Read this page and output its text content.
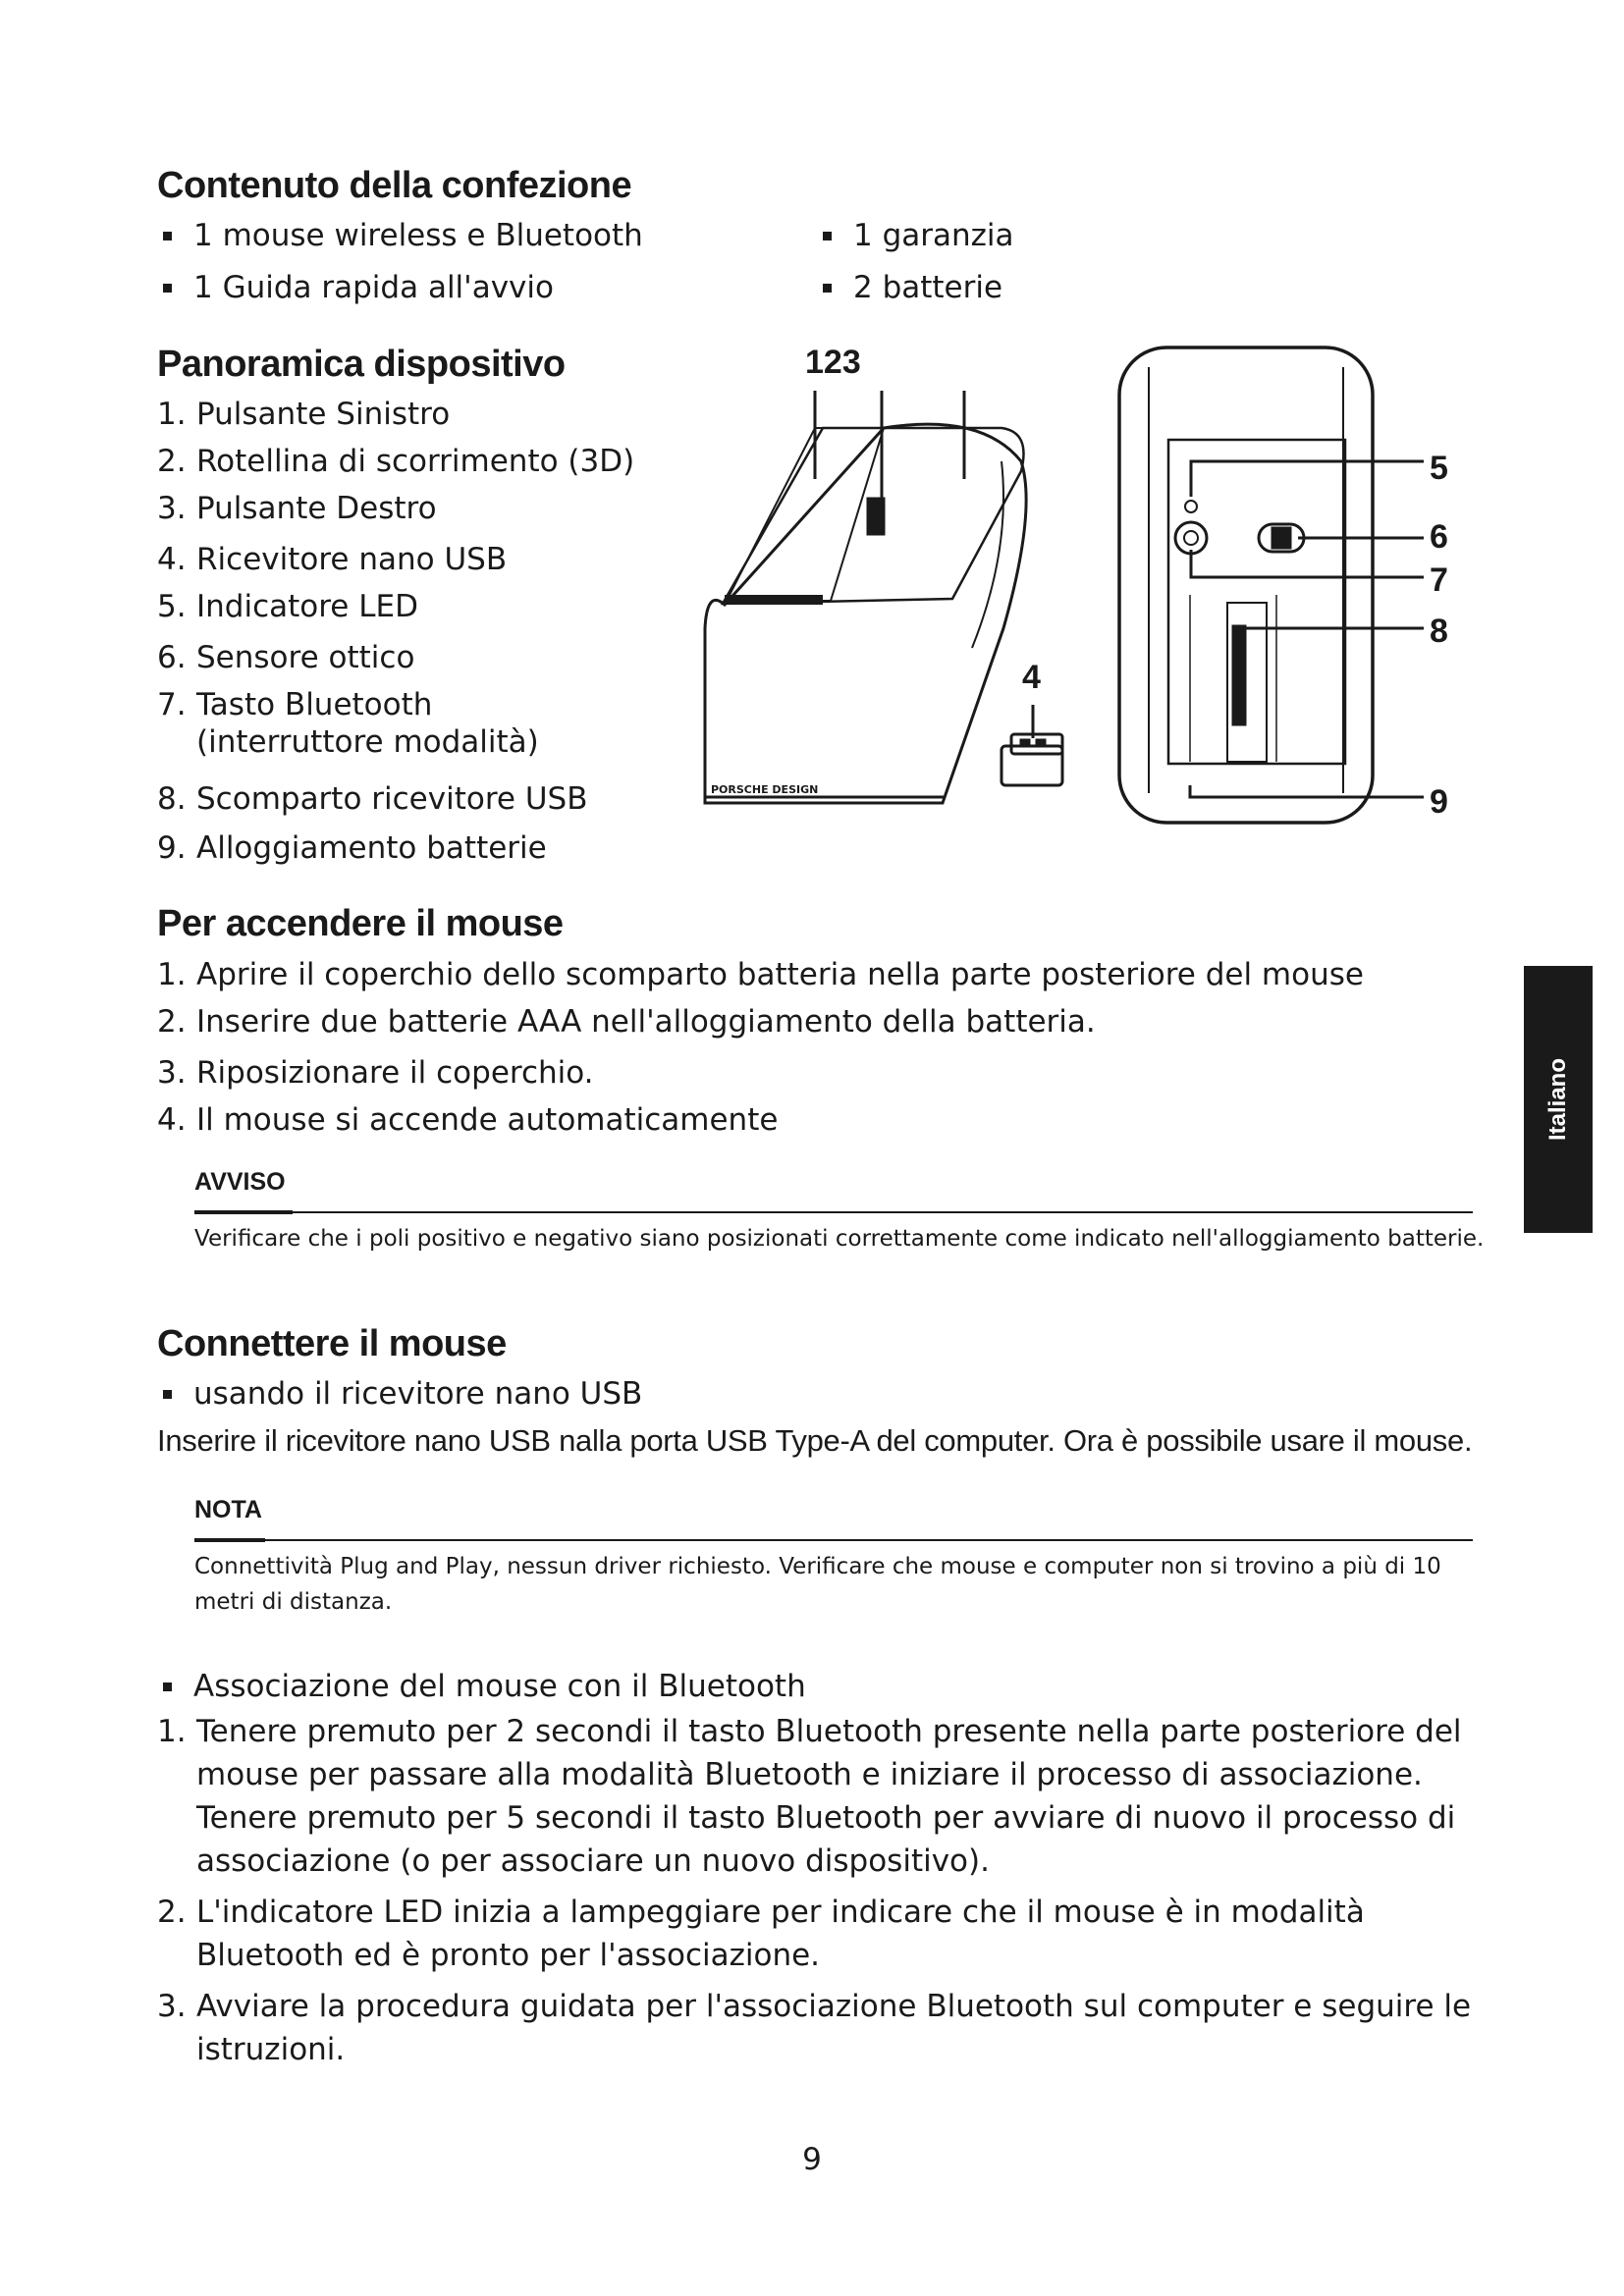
Contenuto della confezione
1 mouse wireless e Bluetooth
1 Guida rapida all'avvio
1 garanzia
2 batterie
Panoramica dispositivo
1. Pulsante Sinistro
2. Rotellina di scorrimento (3D)
3. Pulsante Destro
4. Ricevitore nano USB
5. Indicatore LED
6. Sensore ottico
7. Tasto Bluetooth
(interruttore modalità)
8. Scomparto ricevitore USB
9. Alloggiamento batterie
123
4
5
6
7
8
9
PORSCHE DESIGN
Per accendere il mouse
1. Aprire il coperchio dello scomparto batteria nella parte posteriore del mouse
2. Inserire due batterie AAA nell'alloggiamento della batteria.
3. Riposizionare il coperchio.
4. Il mouse si accende automaticamente
AVVISO
Verificare che i poli positivo e negativo siano posizionati correttamente come indicato nell'alloggiamento batterie.
Connettere il mouse
usando il ricevitore nano USB
Inserire il ricevitore nano USB nalla porta USB Type-A del computer. Ora è possibile usare il mouse.
NOTA
Connettività Plug and Play, nessun driver richiesto. Verificare che mouse e computer non si trovino a più di 10 metri di distanza.
Associazione del mouse con il Bluetooth
1. Tenere premuto per 2 secondi il tasto Bluetooth presente nella parte posteriore del mouse per passare alla modalità Bluetooth e iniziare il processo di associazione. Tenere premuto per 5 secondi il tasto Bluetooth per avviare di nuovo il processo di associazione (o per associare un nuovo dispositivo).
2. L'indicatore LED inizia a lampeggiare per indicare che il mouse è in modalità Bluetooth ed è pronto per l'associazione.
3. Avviare la procedura guidata per l'associazione Bluetooth sul computer e seguire le istruzioni.
Italiano
9
